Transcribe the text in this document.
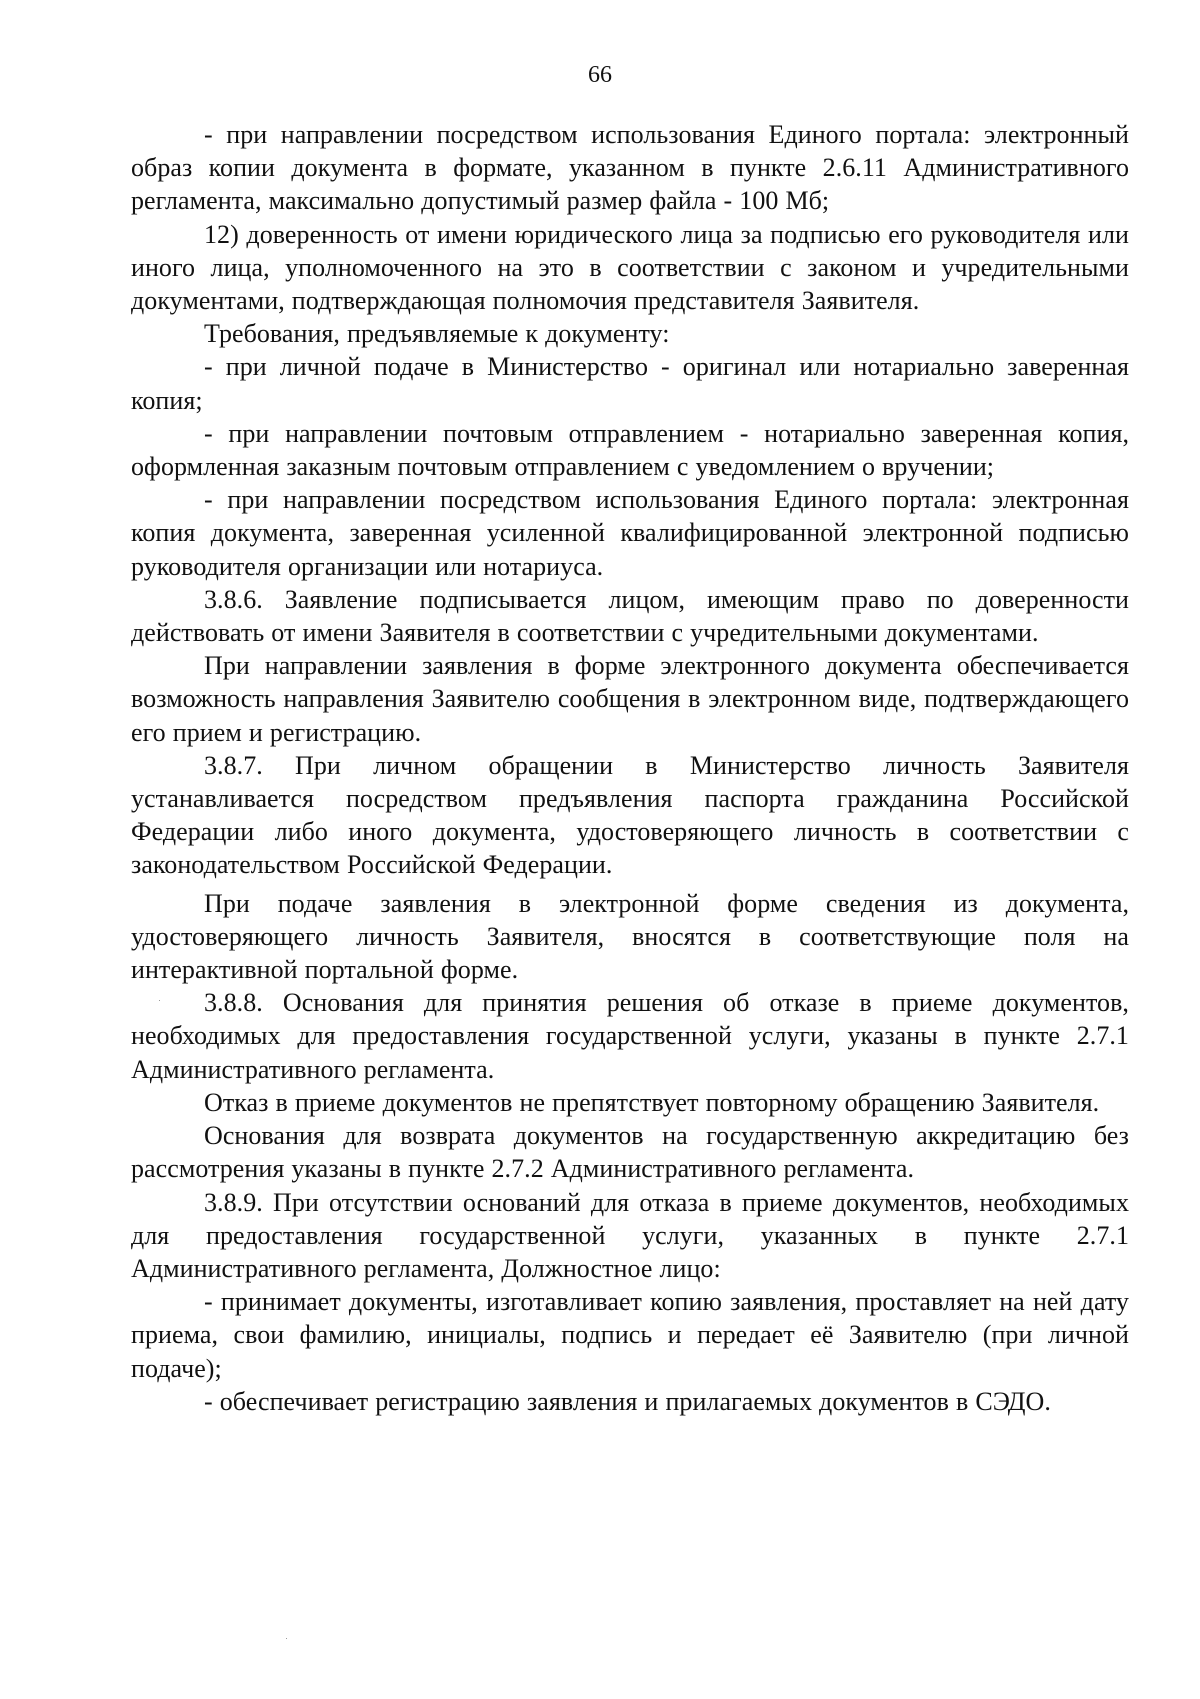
66

- при направлении посредством использования Единого портала: электронный образ копии документа в формате, указанном в пункте 2.6.11 Административного регламента, максимально допустимый размер файла - 100 Мб;

12) доверенность от имени юридического лица за подписью его руководителя или иного лица, уполномоченного на это в соответствии с законом и учредительными документами, подтверждающая полномочия представителя Заявителя.

Требования, предъявляемые к документу:

- при личной подаче в Министерство - оригинал или нотариально заверенная копия;

- при направлении почтовым отправлением - нотариально заверенная копия, оформленная заказным почтовым отправлением с уведомлением о вручении;

- при направлении посредством использования Единого портала: электронная копия документа, заверенная усиленной квалифицированной электронной подписью руководителя организации или нотариуса.

3.8.6. Заявление подписывается лицом, имеющим право по доверенности действовать от имени Заявителя в соответствии с учредительными документами.

При направлении заявления в форме электронного документа обеспечивается возможность направления Заявителю сообщения в электронном виде, подтверждающего его прием и регистрацию.

3.8.7. При личном обращении в Министерство личность Заявителя устанавливается посредством предъявления паспорта гражданина Российской Федерации либо иного документа, удостоверяющего личность в соответствии с законодательством Российской Федерации.

При подаче заявления в электронной форме сведения из документа, удостоверяющего личность Заявителя, вносятся в соответствующие поля на интерактивной портальной форме.

3.8.8. Основания для принятия решения об отказе в приеме документов, необходимых для предоставления государственной услуги, указаны в пункте 2.7.1 Административного регламента.

Отказ в приеме документов не препятствует повторному обращению Заявителя.

Основания для возврата документов на государственную аккредитацию без рассмотрения указаны в пункте 2.7.2 Административного регламента.

3.8.9. При отсутствии оснований для отказа в приеме документов, необходимых для предоставления государственной услуги, указанных в пункте 2.7.1 Административного регламента, Должностное лицо:

- принимает документы, изготавливает копию заявления, проставляет на ней дату приема, свои фамилию, инициалы, подпись и передает её Заявителю (при личной подаче);

- обеспечивает регистрацию заявления и прилагаемых документов в СЭДО.
